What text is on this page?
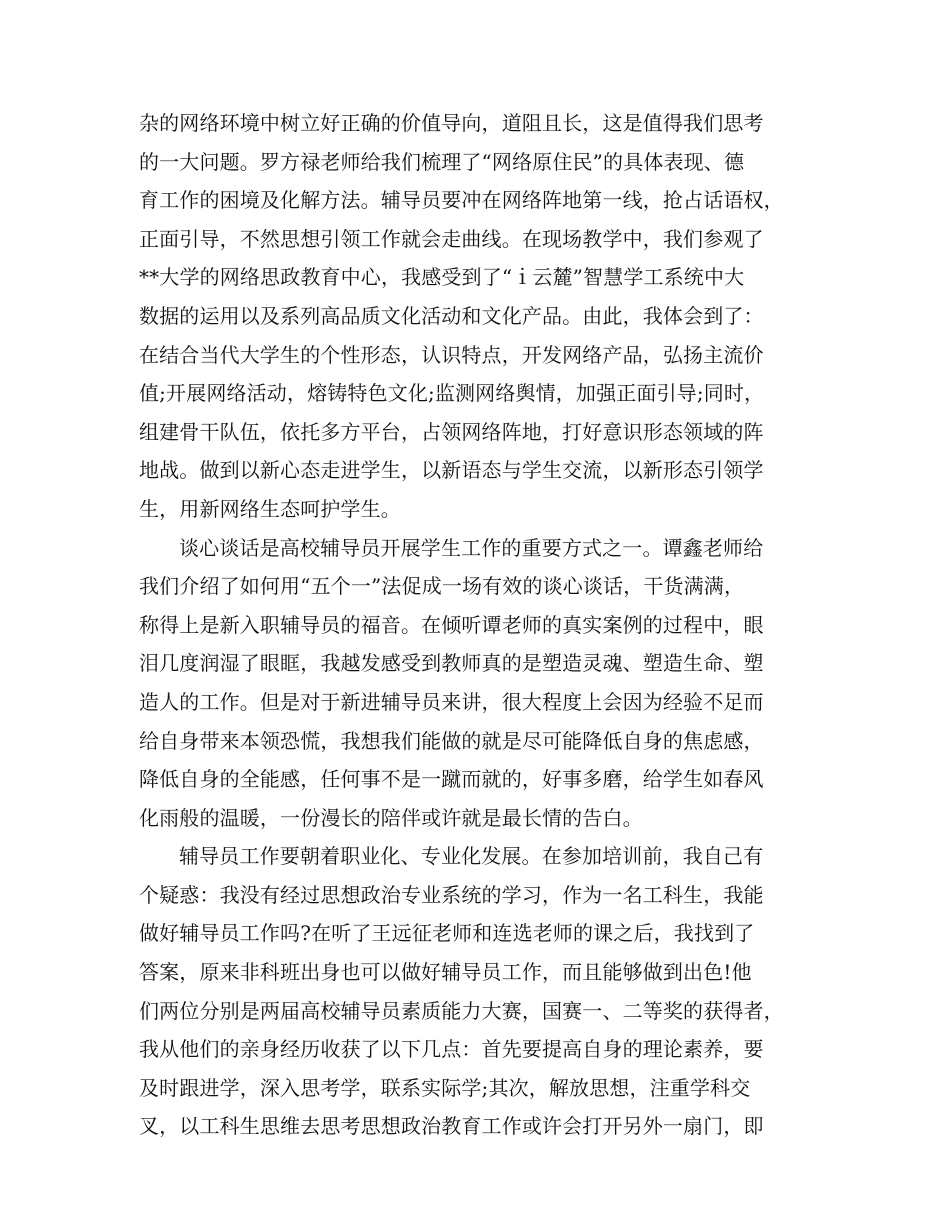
杂的网络环境中树立好正确的价值导向，道阻且长，这是值得我们思考
的一大问题。罗方禄老师给我们梳理了“网络原住民”的具体表现、德
育工作的困境及化解方法。辅导员要冲在网络阵地第一线，抢占话语权，
正面引导，不然思想引领工作就会走曲线。在现场教学中，我们参观了
**大学的网络思政教育中心，我感受到了“ｉ云麓”智慧学工系统中大
数据的运用以及系列高品质文化活动和文化产品。由此，我体会到了：
在结合当代大学生的个性形态，认识特点，开发网络产品，弘扬主流价
值;开展网络活动，熔铸特色文化;监测网络舆情，加强正面引导;同时，
组建骨干队伍，依托多方平台，占领网络阵地，打好意识形态领域的阵
地战。做到以新心态走进学生，以新语态与学生交流，以新形态引领学
生，用新网络生态呵护学生。
谈心谈话是高校辅导员开展学生工作的重要方式之一。谭鑫老师给
我们介绍了如何用“五个一”法促成一场有效的谈心谈话，干货满满，
称得上是新入职辅导员的福音。在倾听谭老师的真实案例的过程中，眼
泪几度润湿了眼眶，我越发感受到教师真的是塑造灵魂、塑造生命、塑
造人的工作。但是对于新进辅导员来讲，很大程度上会因为经验不足而
给自身带来本领恐慌，我想我们能做的就是尽可能降低自身的焦虑感，
降低自身的全能感，任何事不是一蹴而就的，好事多磨，给学生如春风
化雨般的温暖，一份漫长的陪伴或许就是最长情的告白。
辅导员工作要朝着职业化、专业化发展。在参加培训前，我自己有
个疑惑：我没有经过思想政治专业系统的学习，作为一名工科生，我能
做好辅导员工作吗?在听了王远征老师和连选老师的课之后，我找到了
答案，原来非科班出身也可以做好辅导员工作，而且能够做到出色!他
们两位分别是两届高校辅导员素质能力大赛，国赛一、二等奖的获得者，
我从他们的亲身经历收获了以下几点：首先要提高自身的理论素养，要
及时跟进学，深入思考学，联系实际学;其次，解放思想，注重学科交
叉，以工科生思维去思考思想政治教育工作或许会打开另外一扇门，即
